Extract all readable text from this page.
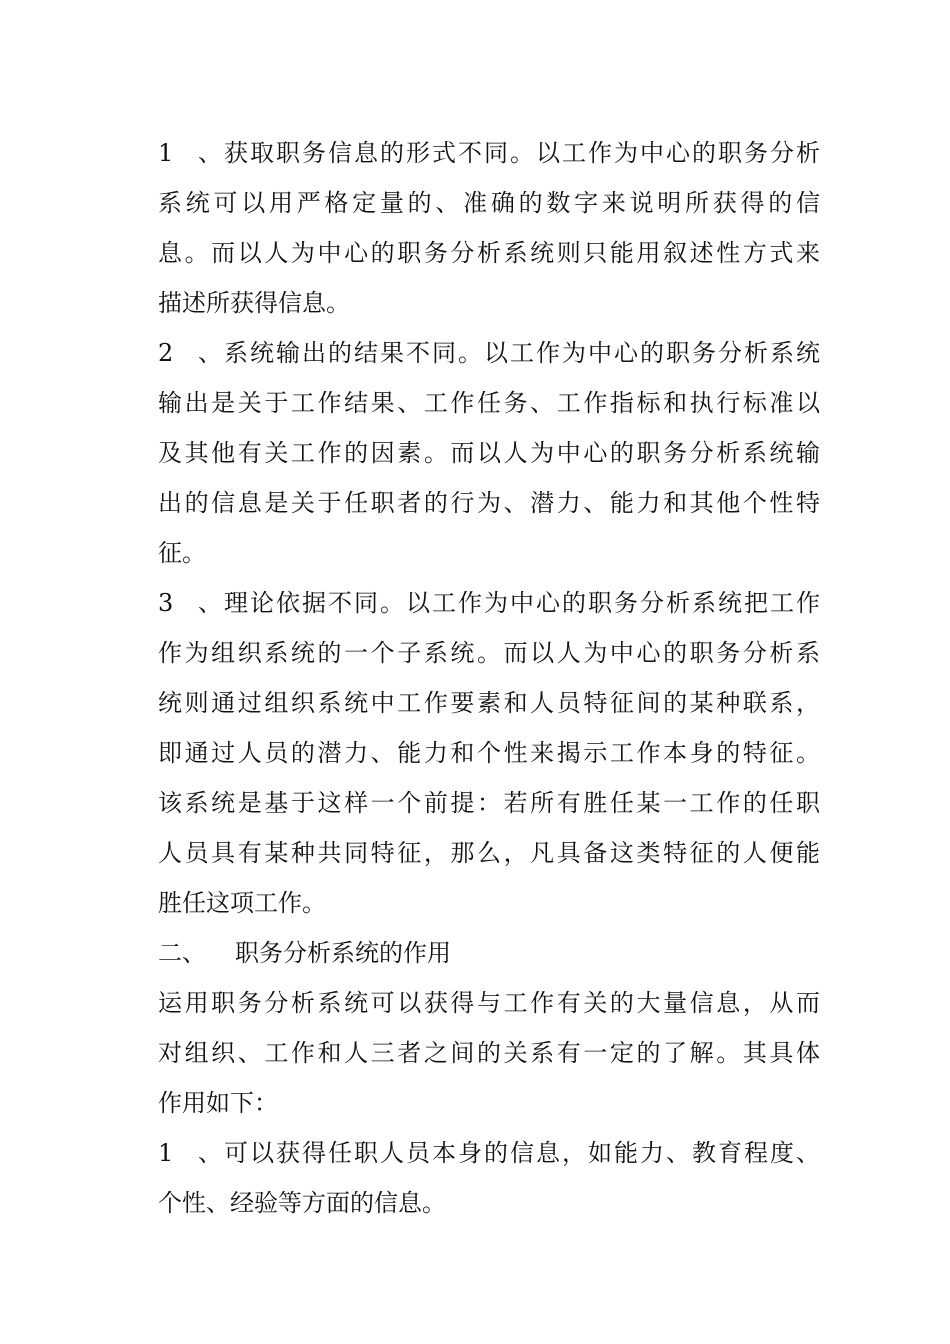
1、获取职务信息的形式不同。以工作为中心的职务分析
系统可以用严格定量的、准确的数字来说明所获得的信
息。而以人为中心的职务分析系统则只能用叙述性方式来
描述所获得信息。
2、系统输出的结果不同。以工作为中心的职务分析系统
输出是关于工作结果、工作任务、工作指标和执行标准以
及其他有关工作的因素。而以人为中心的职务分析系统输
出的信息是关于任职者的行为、潜力、能力和其他个性特
征。
3、理论依据不同。以工作为中心的职务分析系统把工作
作为组织系统的一个子系统。而以人为中心的职务分析系
统则通过组织系统中工作要素和人员特征间的某种联系，
即通过人员的潜力、能力和个性来揭示工作本身的特征。
该系统是基于这样一个前提：若所有胜任某一工作的任职
人员具有某种共同特征，那么，凡具备这类特征的人便能
胜任这项工作。
二、 职务分析系统的作用
运用职务分析系统可以获得与工作有关的大量信息，从而
对组织、工作和人三者之间的关系有一定的了解。其具体
作用如下：
1、可以获得任职人员本身的信息，如能力、教育程度、
个性、经验等方面的信息。
